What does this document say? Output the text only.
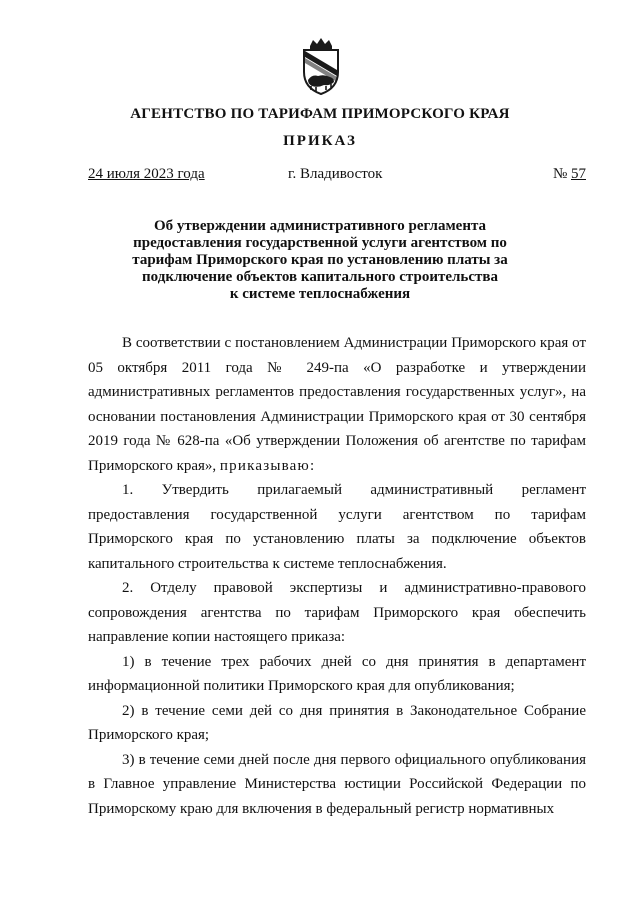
АГЕНТСТВО ПО ТАРИФАМ ПРИМОРСКОГО КРАЯ
ПРИКАЗ
24 июля 2023 года	г. Владивосток	№ 57
Об утверждении административного регламента
предоставления государственной услуги агентством по
тарифам Приморского края по установлению платы за
подключение объектов капитального строительства
к системе теплоснабжения

В соответствии с постановлением Администрации Приморского края от 05 октября 2011 года № 249-па «О разработке и утверждении административных регламентов предоставления государственных услуг», на основании постановления Администрации Приморского края от 30 сентября 2019 года № 628-па «Об утверждении Положения об агентстве по тарифам Приморского края», приказываю:

1. Утвердить прилагаемый административный регламент предоставления государственной услуги агентством по тарифам Приморского края по установлению платы за подключение объектов капитального строительства к системе теплоснабжения.

2. Отделу правовой экспертизы и административно-правового сопровождения агентства по тарифам Приморского края обеспечить направление копии настоящего приказа:

1) в течение трех рабочих дней со дня принятия в департамент информационной политики Приморского края для опубликования;

2) в течение семи дей со дня принятия в Законодательное Собрание Приморского края;

3) в течение семи дней после дня первого официального опубликования в Главное управление Министерства юстиции Российской Федерации по Приморскому краю для включения в федеральный регистр нормативных
